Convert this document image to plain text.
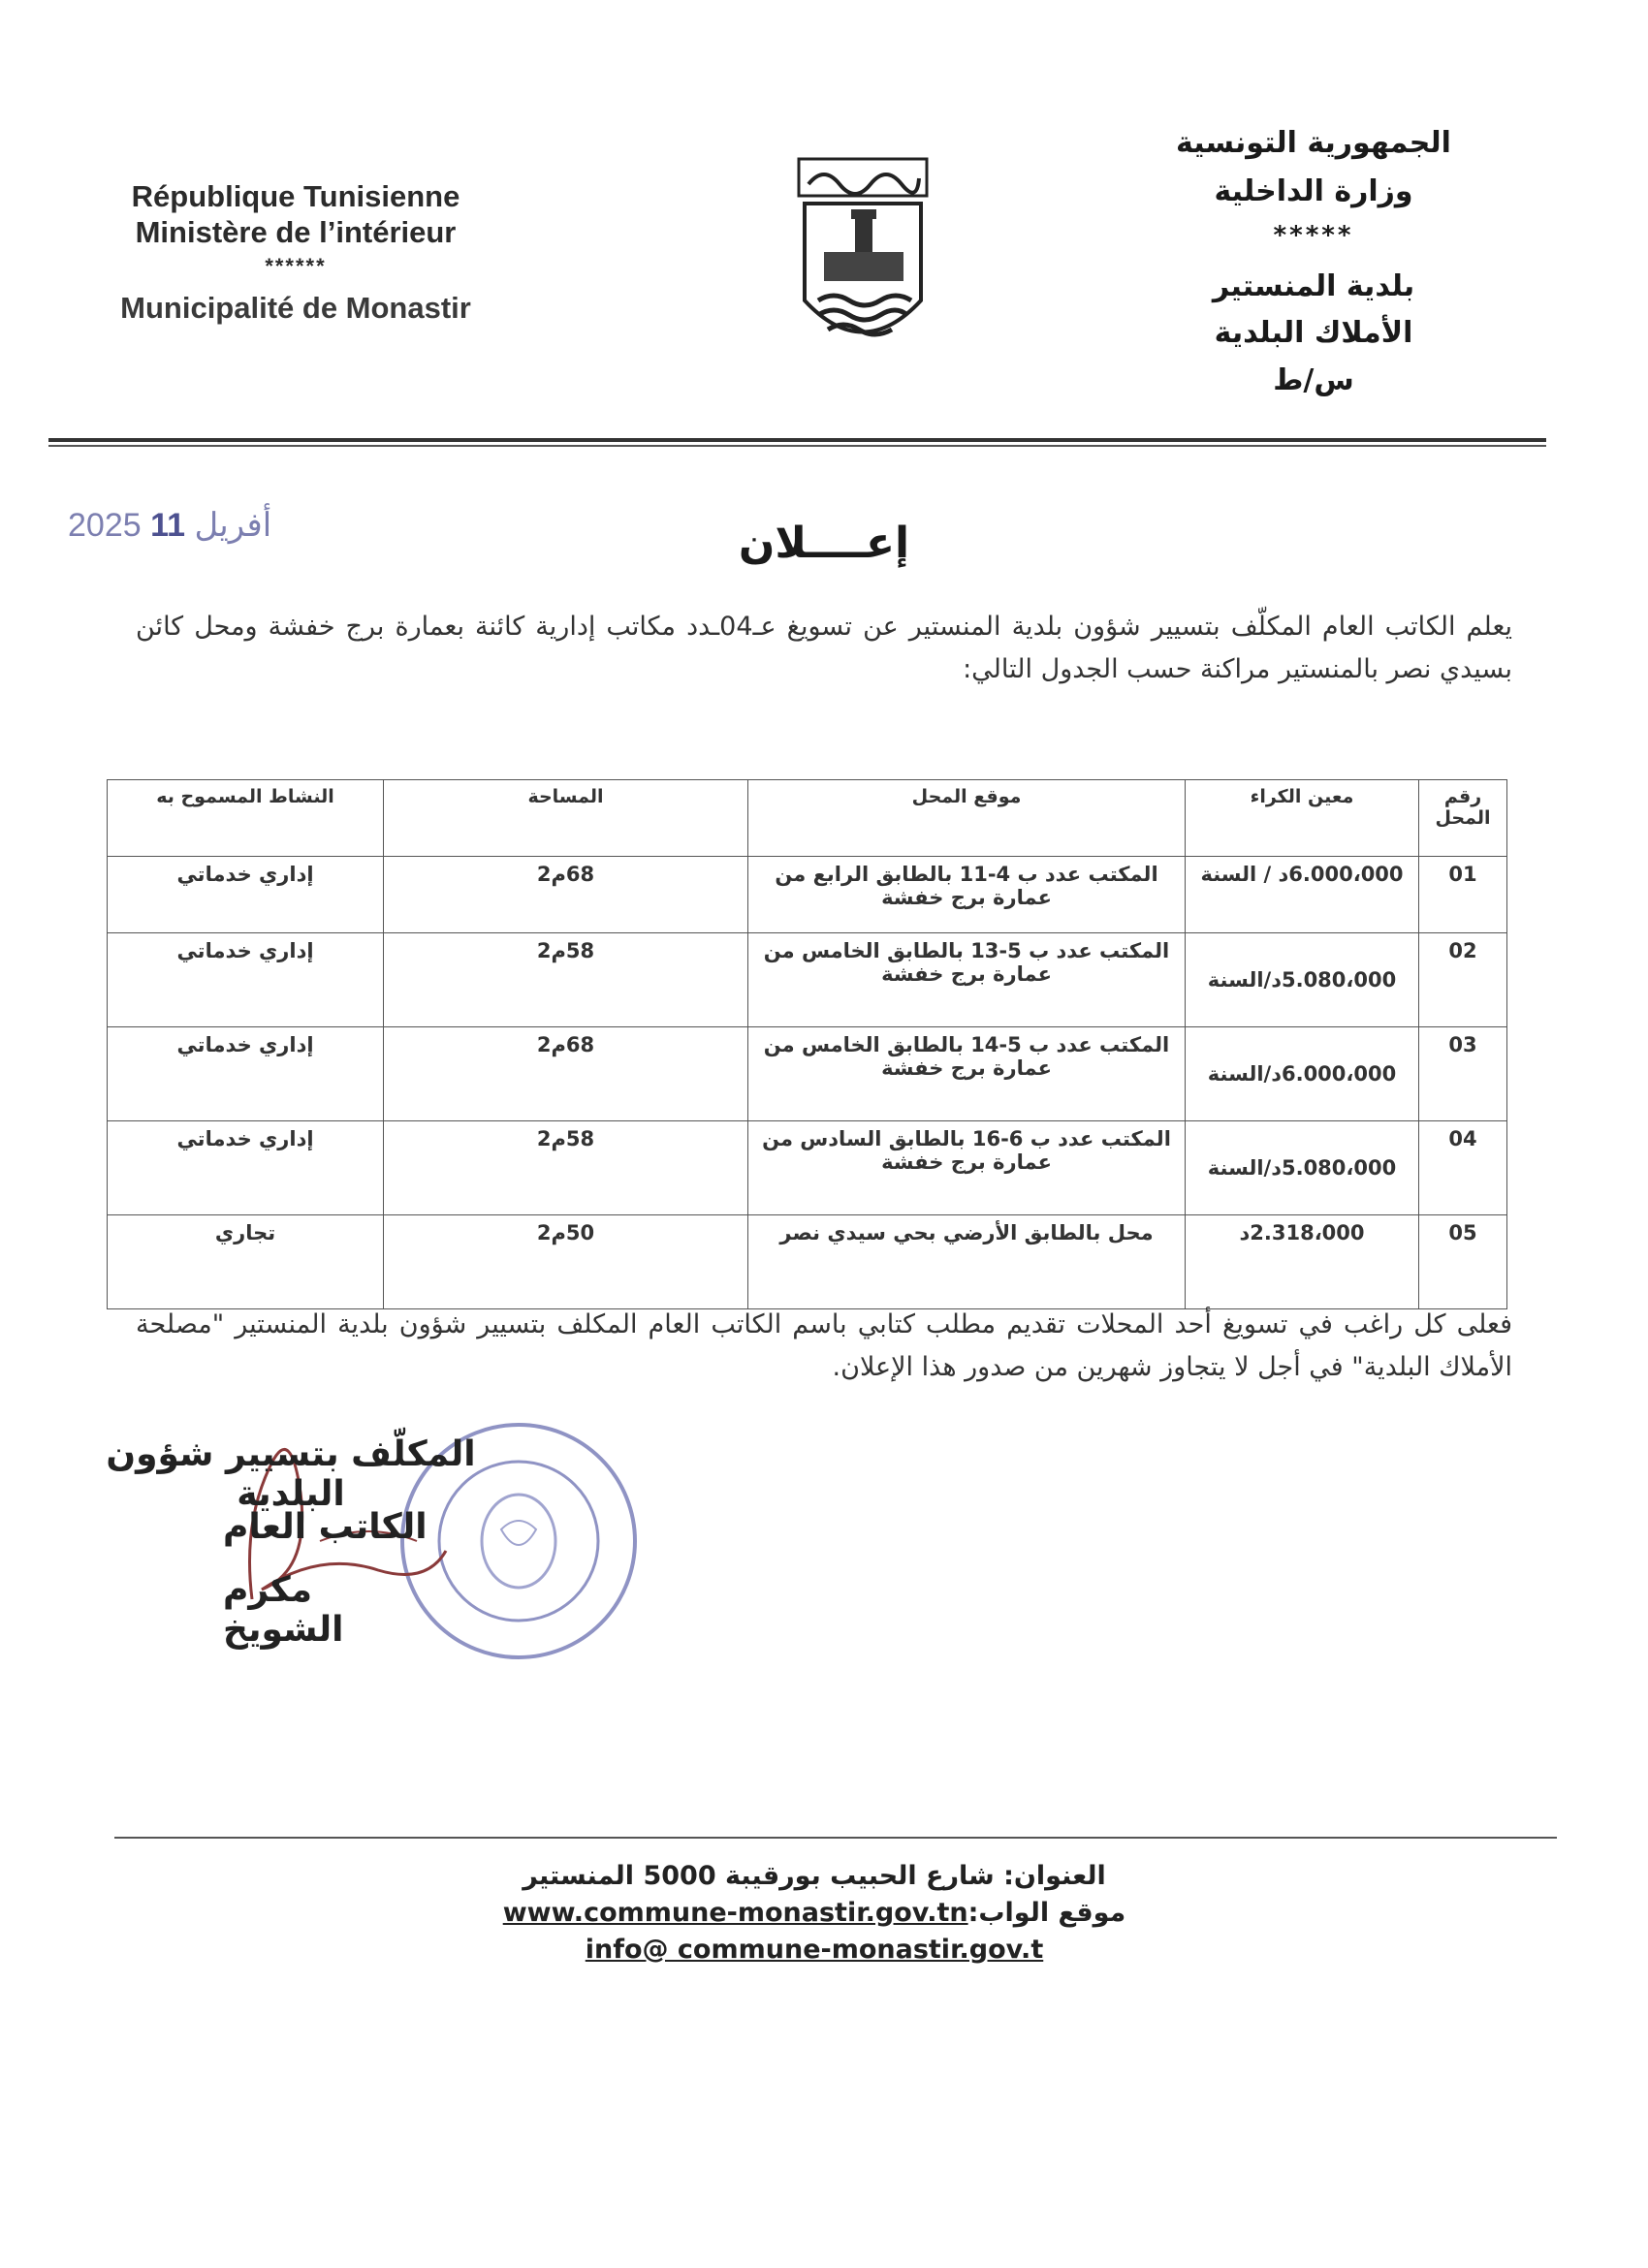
République Tunisienne
Ministère de l’intérieur
******
Municipalité de Monastir
الجمهورية التونسية
وزارة الداخلية
*****
بلدية المنستير
الأملاك البلدية
س/ط
2025 أفريل 11	إعــــلان
يعلم الكاتب العام المكلّف بتسيير شؤون بلدية المنستير عن تسويغ عـ04ـدد مكاتب إدارية كائنة بعمارة برج خفشة ومحل كائن بسيدي نصر بالمنستير مراكنة حسب الجدول التالي:
رقم المحل	معين الكراء	موقع المحل	المساحة	النشاط المسموح به
01	6.000،000د / السنة	المكتب عدد ب 4-11 بالطابق الرابع من عمارة برج خفشة	68م2	إداري خدماتي
02	5.080،000د/السنة	المكتب عدد ب 5-13 بالطابق الخامس من عمارة برج خفشة	58م2	إداري خدماتي
03	6.000،000د/السنة	المكتب عدد ب 5-14 بالطابق الخامس من عمارة برج خفشة	68م2	إداري خدماتي
04	5.080،000د/السنة	المكتب عدد ب 6-16 بالطابق السادس من عمارة برج خفشة	58م2	إداري خدماتي
05	2.318،000د	محل بالطابق الأرضي بحي سيدي نصر	50م2	تجاري
فعلى كل راغب في تسويغ أحد المحلات تقديم مطلب كتابي باسم الكاتب العام المكلف بتسيير شؤون بلدية المنستير "مصلحة الأملاك البلدية" في أجل لا يتجاوز شهرين من صدور هذا الإعلان.
المكلّف بتسيير شؤون البلدية
الكاتب العام
مكرم الشويخ
العنوان: شارع الحبيب بورقيبة 5000 المنستير
موقع الواب:www.commune-monastir.gov.tn
info@ commune-monastir.gov.t
